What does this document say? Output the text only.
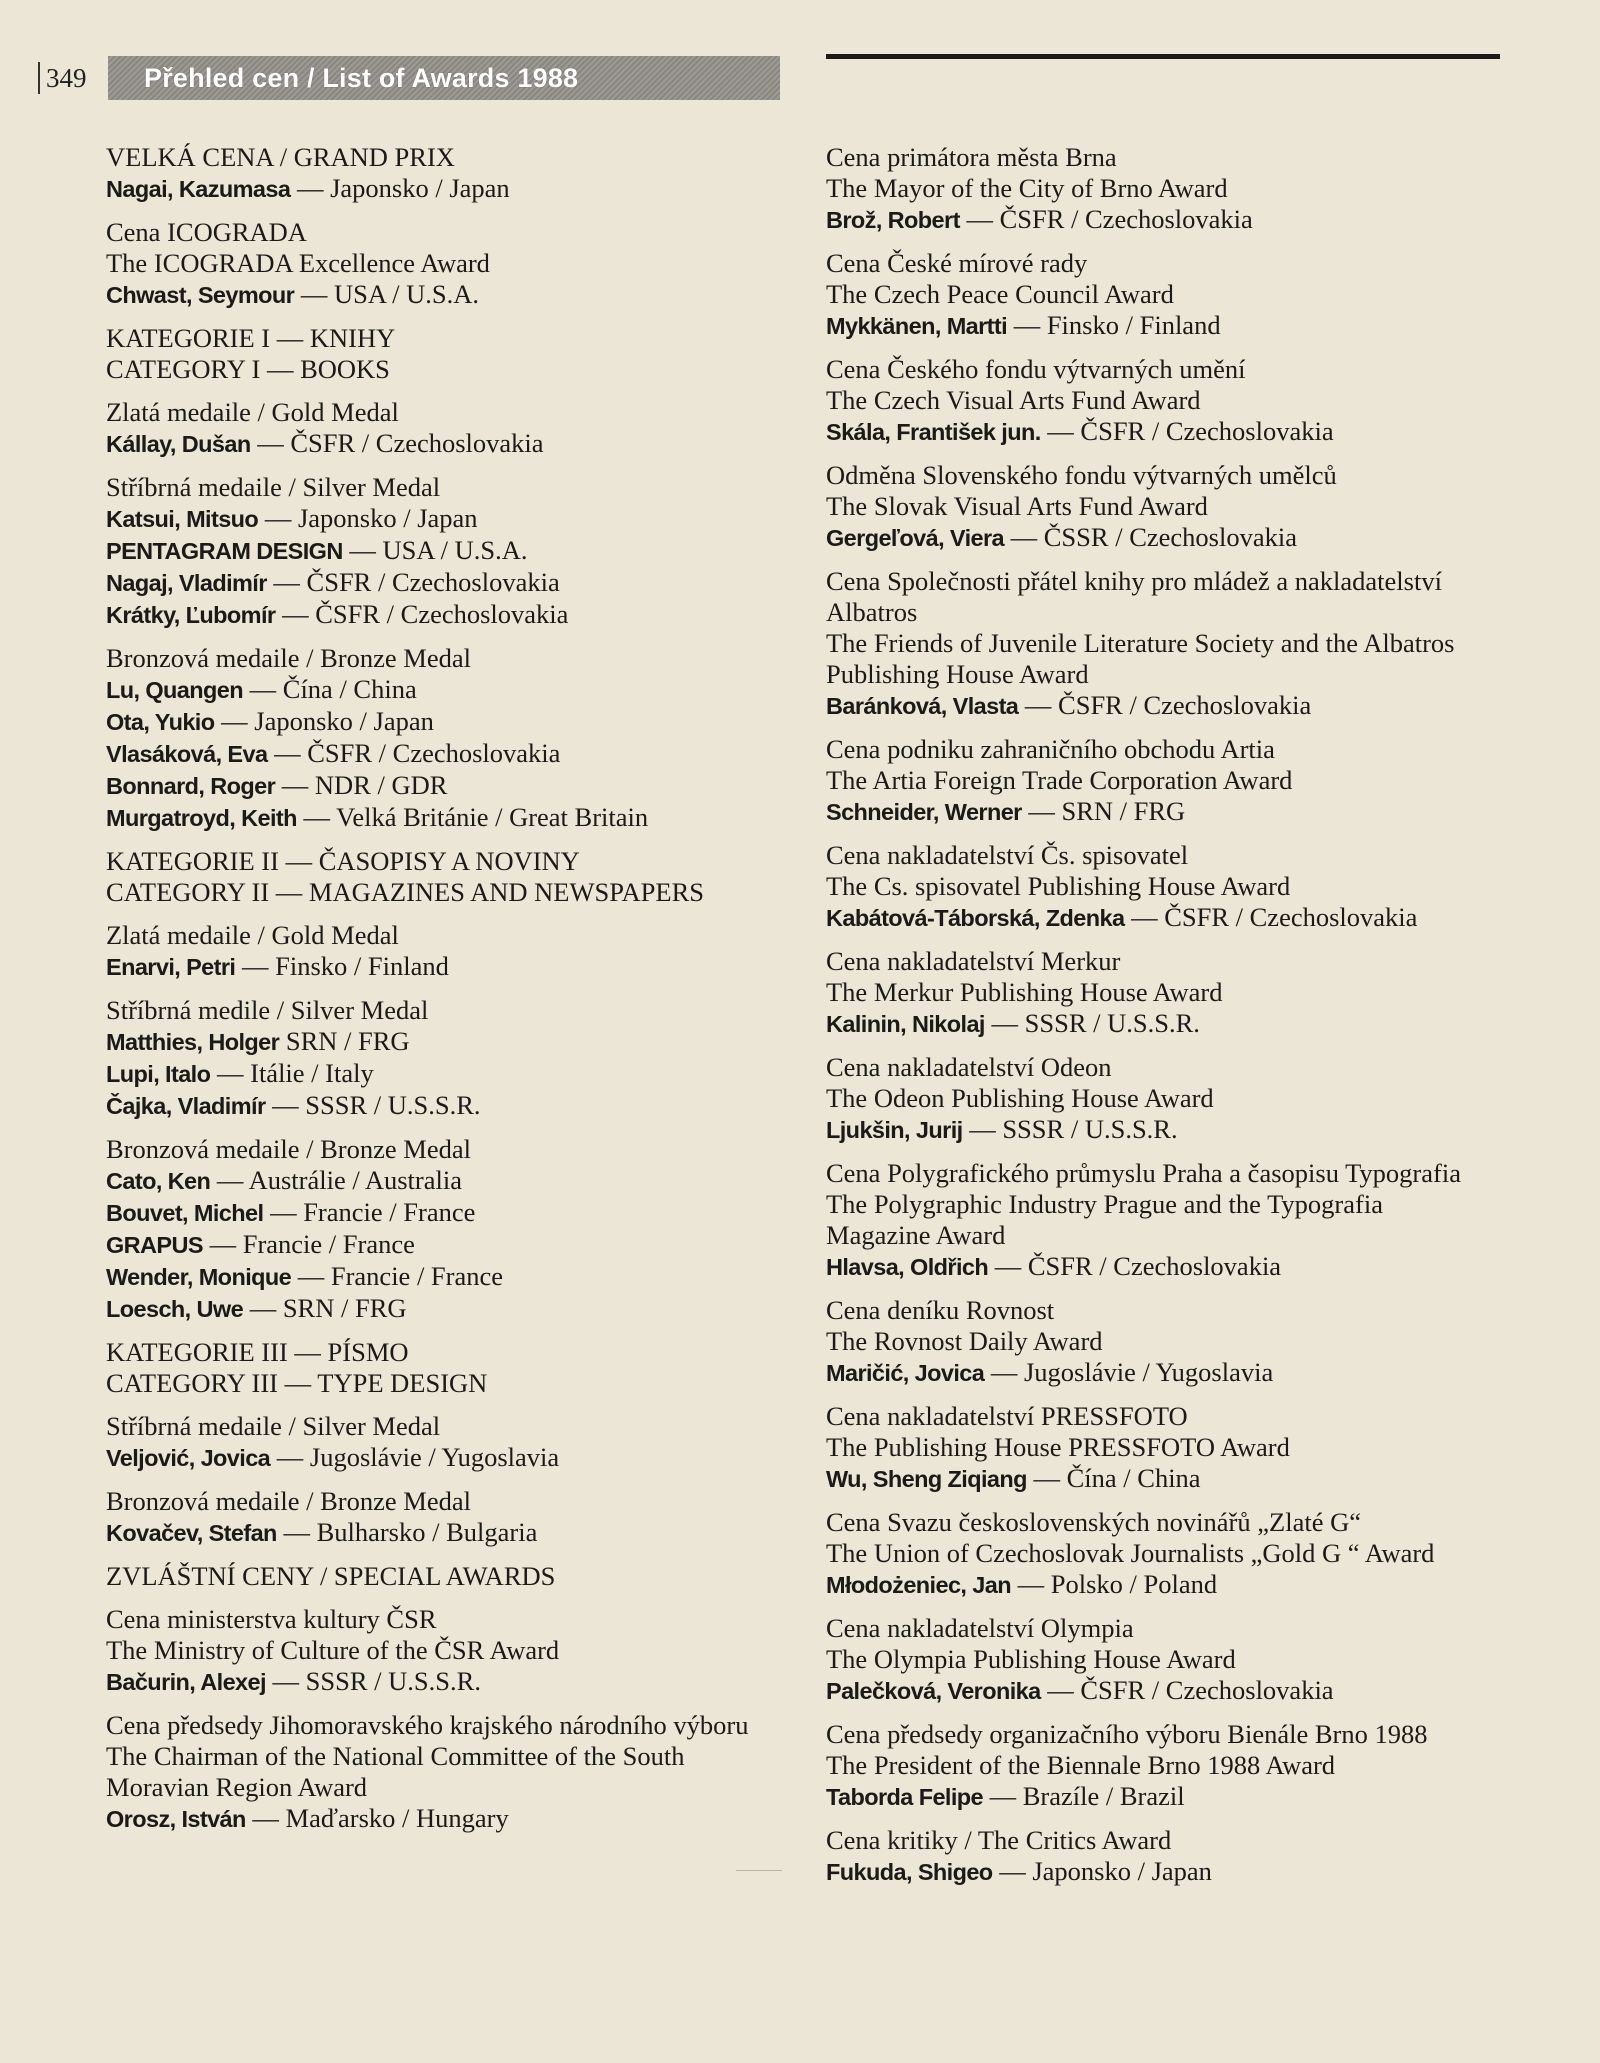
349	Přehled cen / List of Awards 1988
VELKÁ CENA / GRAND PRIX
Nagai, Kazumasa — Japonsko / Japan
Cena ICOGRADA
The ICOGRADA Excellence Award
Chwast, Seymour — USA / U.S.A.
KATEGORIE I — KNIHY
CATEGORY I — BOOKS
Zlatá medaile / Gold Medal
Kállay, Dušan — ČSFR / Czechoslovakia
Stříbrná medaile / Silver Medal
Katsui, Mitsuo — Japonsko / Japan
PENTAGRAM DESIGN — USA / U.S.A.
Nagaj, Vladimír — ČSFR / Czechoslovakia
Krátky, Ľubomír — ČSFR / Czechoslovakia
Bronzová medaile / Bronze Medal
Lu, Quangen — Čína / China
Ota, Yukio — Japonsko / Japan
Vlasáková, Eva — ČSFR / Czechoslovakia
Bonnard, Roger — NDR / GDR
Murgatroyd, Keith — Velká Británie / Great Britain
KATEGORIE II — ČASOPISY A NOVINY
CATEGORY II — MAGAZINES AND NEWSPAPERS
Zlatá medaile / Gold Medal
Enarvi, Petri — Finsko / Finland
Stříbrná medile / Silver Medal
Matthies, Holger SRN / FRG
Lupi, Italo — Itálie / Italy
Čajka, Vladimír — SSSR / U.S.S.R.
Bronzová medaile / Bronze Medal
Cato, Ken — Austrálie / Australia
Bouvet, Michel — Francie / France
GRAPUS — Francie / France
Wender, Monique — Francie / France
Loesch, Uwe — SRN / FRG
KATEGORIE III — PÍSMO
CATEGORY III — TYPE DESIGN
Stříbrná medaile / Silver Medal
Veljović, Jovica — Jugoslávie / Yugoslavia
Bronzová medaile / Bronze Medal
Kovačev, Stefan — Bulharsko / Bulgaria
ZVLÁŠTNÍ CENY / SPECIAL AWARDS
Cena ministerstva kultury ČSR
The Ministry of Culture of the ČSR Award
Bačurin, Alexej — SSSR / U.S.S.R.
Cena předsedy Jihomoravského krajského národního výboru
The Chairman of the National Committee of the South
Moravian Region Award
Orosz, István — Maďarsko / Hungary
Cena primátora města Brna
The Mayor of the City of Brno Award
Brož, Robert — ČSFR / Czechoslovakia
Cena České mírové rady
The Czech Peace Council Award
Mykkänen, Martti — Finsko / Finland
Cena Českého fondu výtvarných umění
The Czech Visual Arts Fund Award
Skála, František jun. — ČSFR / Czechoslovakia
Odměna Slovenského fondu výtvarných umělců
The Slovak Visual Arts Fund Award
Gergeľová, Viera — ČSSR / Czechoslovakia
Cena Společnosti přátel knihy pro mládež a nakladatelství
Albatros
The Friends of Juvenile Literature Society and the Albatros
Publishing House Award
Baránková, Vlasta — ČSFR / Czechoslovakia
Cena podniku zahraničního obchodu Artia
The Artia Foreign Trade Corporation Award
Schneider, Werner — SRN / FRG
Cena nakladatelství Čs. spisovatel
The Cs. spisovatel Publishing House Award
Kabátová-Táborská, Zdenka — ČSFR / Czechoslovakia
Cena nakladatelství Merkur
The Merkur Publishing House Award
Kalinin, Nikolaj — SSSR / U.S.S.R.
Cena nakladatelství Odeon
The Odeon Publishing House Award
Ljukšin, Jurij — SSSR / U.S.S.R.
Cena Polygrafického průmyslu Praha a časopisu Typografia
The Polygraphic Industry Prague and the Typografia
Magazine Award
Hlavsa, Oldřich — ČSFR / Czechoslovakia
Cena deníku Rovnost
The Rovnost Daily Award
Maričić, Jovica — Jugoslávie / Yugoslavia
Cena nakladatelství PRESSFOTO
The Publishing House PRESSFOTO Award
Wu, Sheng Ziqiang — Čína / China
Cena Svazu československých novinářů „Zlaté G“
The Union of Czechoslovak Journalists „Gold G “ Award
Młodożeniec, Jan — Polsko / Poland
Cena nakladatelství Olympia
The Olympia Publishing House Award
Palečková, Veronika — ČSFR / Czechoslovakia
Cena předsedy organizačního výboru Bienále Brno 1988
The President of the Biennale Brno 1988 Award
Taborda Felipe — Brazíle / Brazil
Cena kritiky / The Critics Award
Fukuda, Shigeo — Japonsko / Japan
